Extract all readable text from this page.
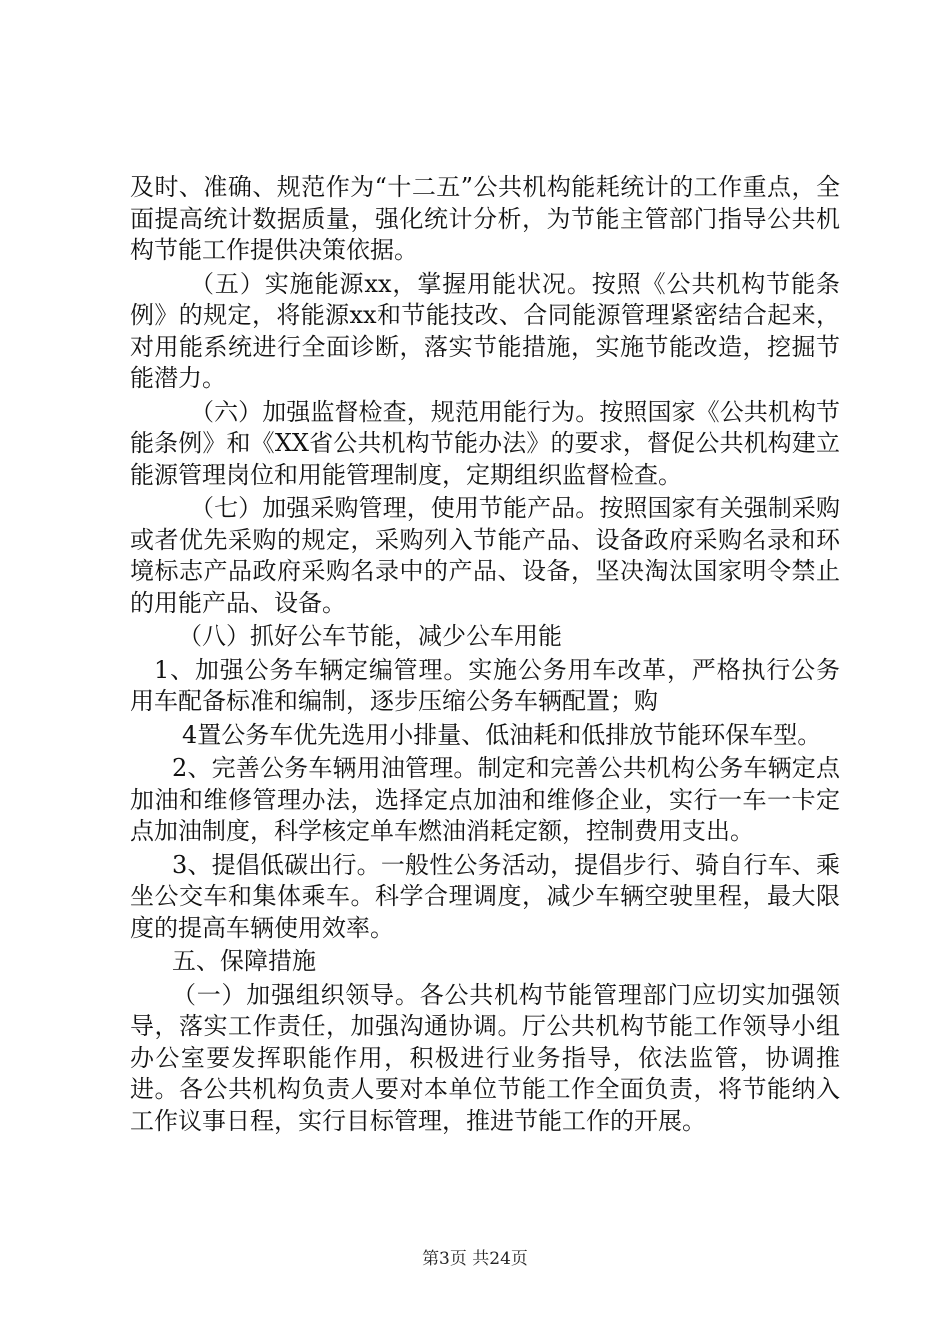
及时、准确、规范作为“十二五”公共机构能耗统计的工作重点，全面提高统计数据质量，强化统计分析，为节能主管部门指导公共机构节能工作提供决策依据。

（五）实施能源xx，掌握用能状况。按照《公共机构节能条例》的规定，将能源xx和节能技改、合同能源管理紧密结合起来，对用能系统进行全面诊断，落实节能措施，实施节能改造，挖掘节能潜力。

（六）加强监督检查，规范用能行为。按照国家《公共机构节能条例》和《XX省公共机构节能办法》的要求，督促公共机构建立能源管理岗位和用能管理制度，定期组织监督检查。

（七）加强采购管理，使用节能产品。按照国家有关强制采购或者优先采购的规定，采购列入节能产品、设备政府采购名录和环境标志产品政府采购名录中的产品、设备，坚决淘汰国家明令禁止的用能产品、设备。

（八）抓好公车节能，减少公车用能

1、加强公务车辆定编管理。实施公务用车改革，严格执行公务用车配备标准和编制，逐步压缩公务车辆配置；购

4置公务车优先选用小排量、低油耗和低排放节能环保车型。

2、完善公务车辆用油管理。制定和完善公共机构公务车辆定点加油和维修管理办法，选择定点加油和维修企业，实行一车一卡定点加油制度，科学核定单车燃油消耗定额，控制费用支出。

3、提倡低碳出行。一般性公务活动，提倡步行、骑自行车、乘坐公交车和集体乘车。科学合理调度，减少车辆空驶里程，最大限度的提高车辆使用效率。

五、保障措施

（一）加强组织领导。各公共机构节能管理部门应切实加强领导，落实工作责任，加强沟通协调。厅公共机构节能工作领导小组办公室要发挥职能作用，积极进行业务指导，依法监管，协调推进。各公共机构负责人要对本单位节能工作全面负责，将节能纳入工作议事日程，实行目标管理，推进节能工作的开展。

第3页 共24页
